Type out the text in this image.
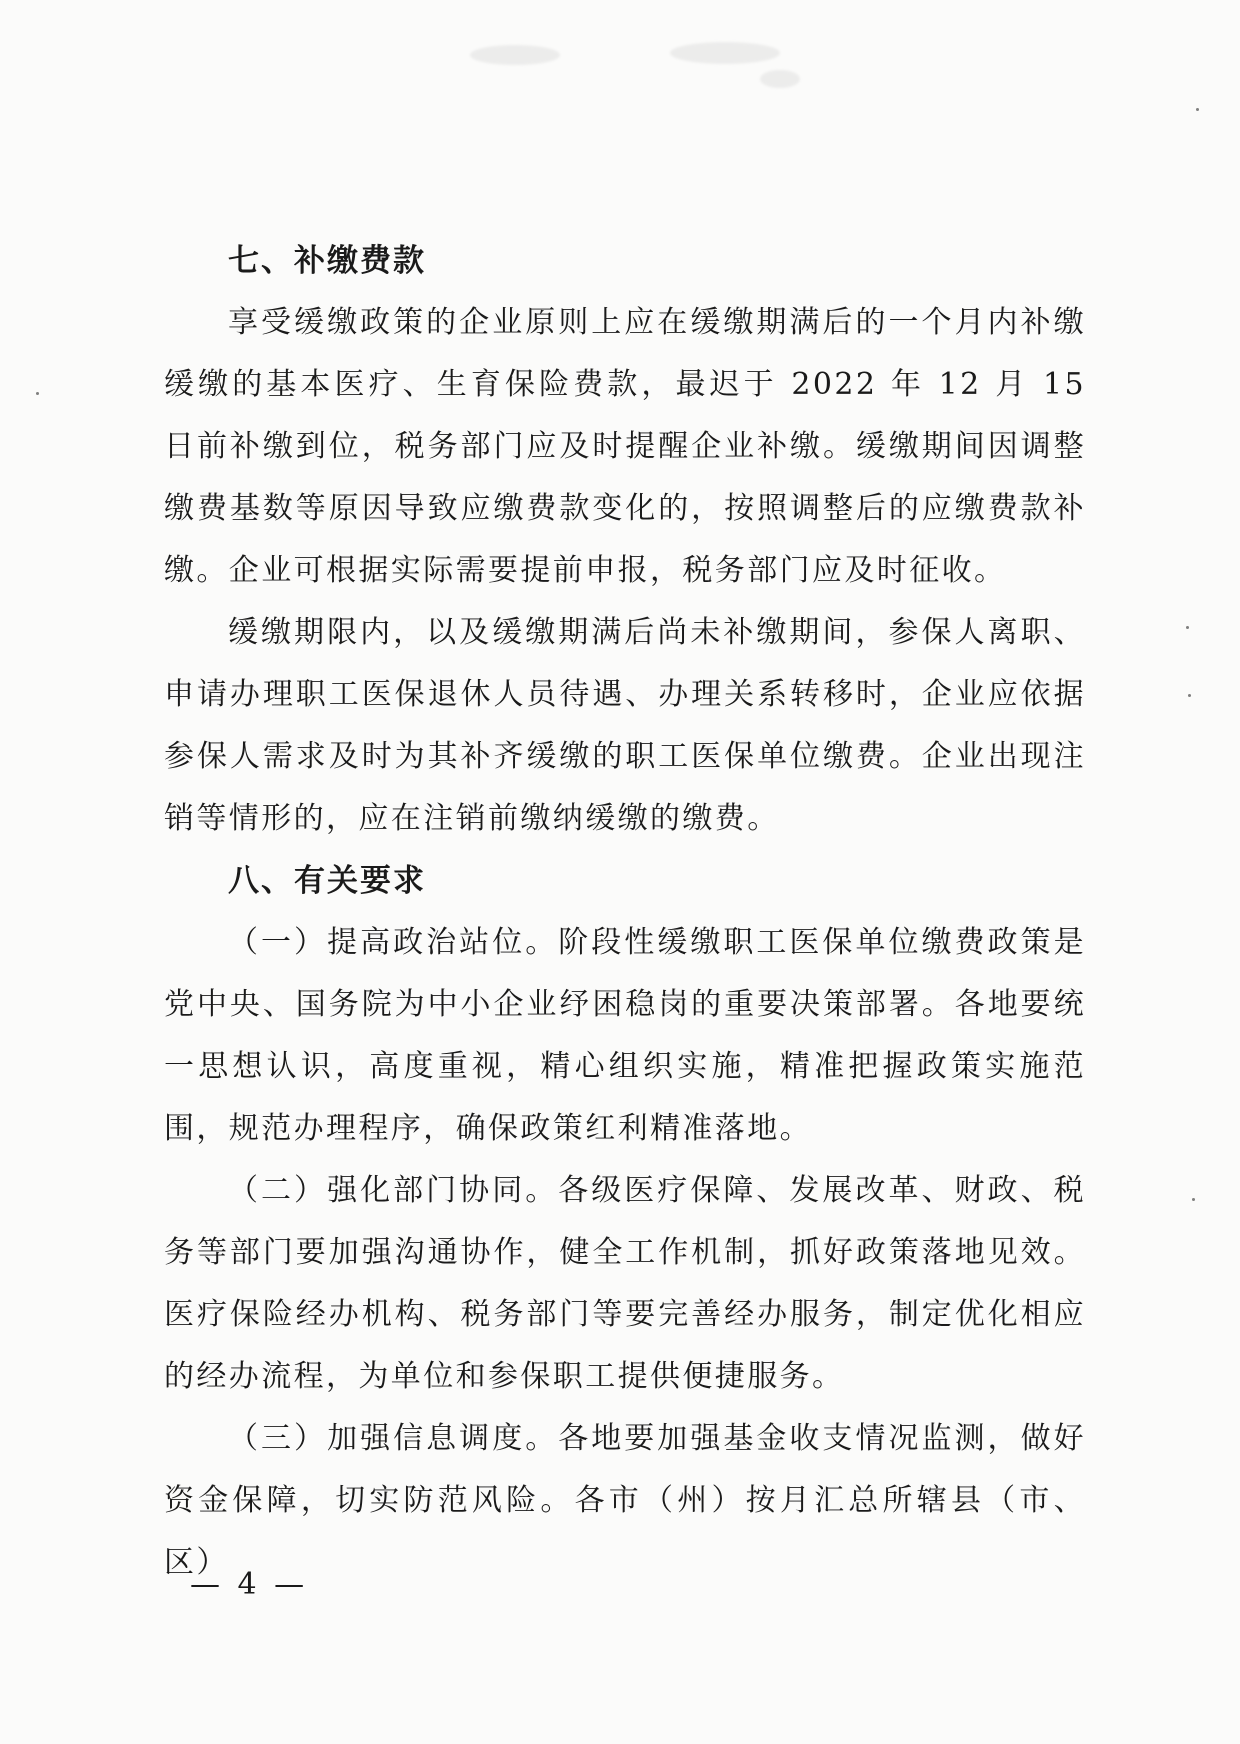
七、补缴费款

享受缓缴政策的企业原则上应在缓缴期满后的一个月内补缴缓缴的基本医疗、生育保险费款，最迟于 2022 年 12 月 15 日前补缴到位，税务部门应及时提醒企业补缴。缓缴期间因调整缴费基数等原因导致应缴费款变化的，按照调整后的应缴费款补缴。企业可根据实际需要提前申报，税务部门应及时征收。

缓缴期限内，以及缓缴期满后尚未补缴期间，参保人离职、申请办理职工医保退休人员待遇、办理关系转移时，企业应依据参保人需求及时为其补齐缓缴的职工医保单位缴费。企业出现注销等情形的，应在注销前缴纳缓缴的缴费。

八、有关要求

（一）提高政治站位。阶段性缓缴职工医保单位缴费政策是党中央、国务院为中小企业纾困稳岗的重要决策部署。各地要统一思想认识，高度重视，精心组织实施，精准把握政策实施范围，规范办理程序，确保政策红利精准落地。

（二）强化部门协同。各级医疗保障、发展改革、财政、税务等部门要加强沟通协作，健全工作机制，抓好政策落地见效。医疗保险经办机构、税务部门等要完善经办服务，制定优化相应的经办流程，为单位和参保职工提供便捷服务。

（三）加强信息调度。各地要加强基金收支情况监测，做好资金保障，切实防范风险。各市（州）按月汇总所辖县（市、区）

— 4 —
